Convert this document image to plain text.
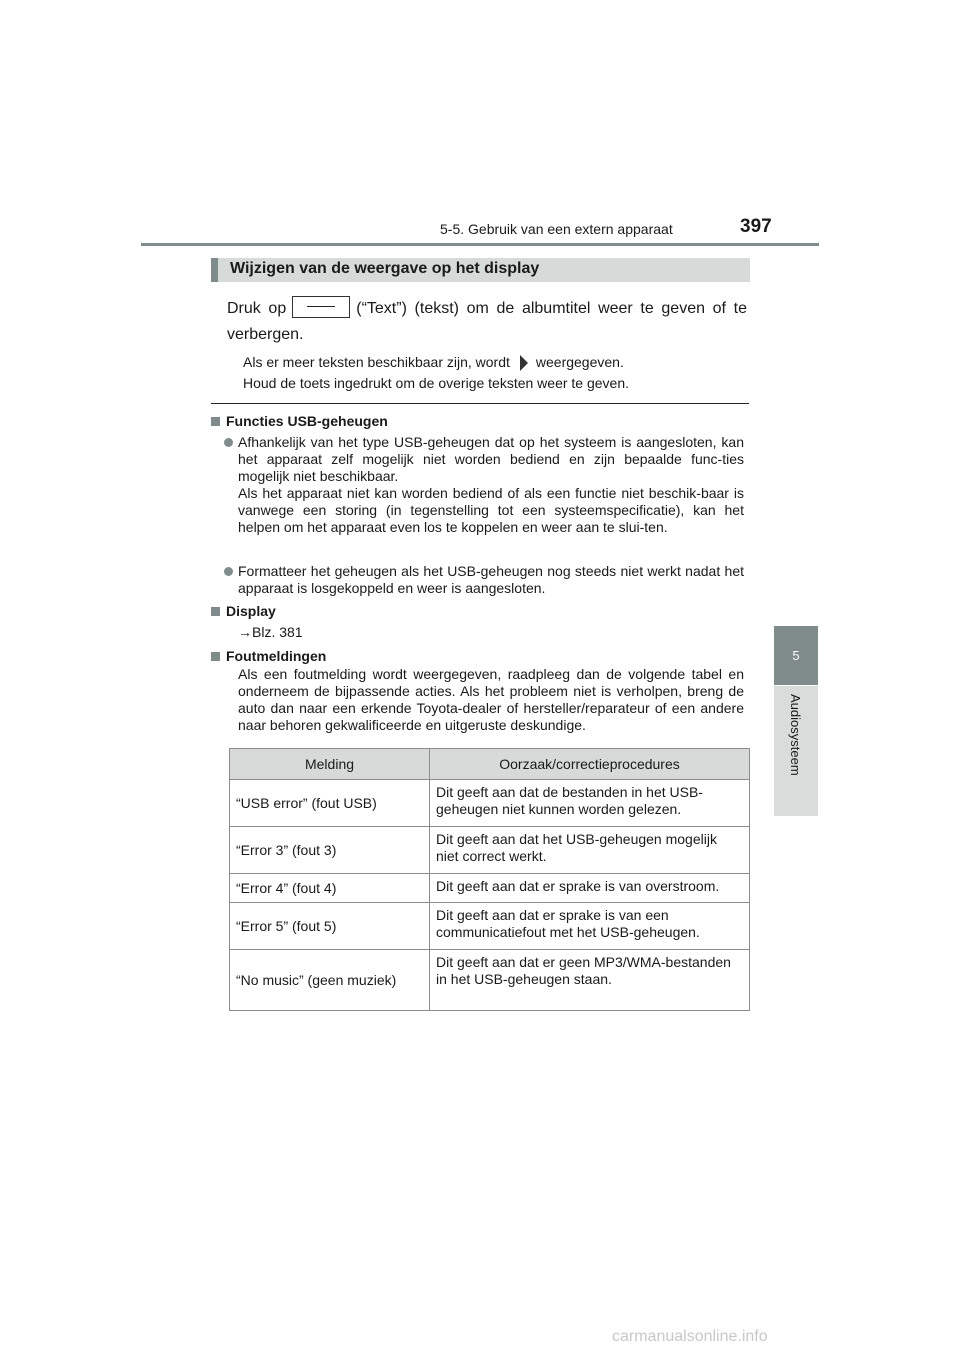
5-5. Gebruik van een extern apparaat	397
5
Audiosysteem
Wijzigen van de weergave op het display
Druk op	(“Text”) (tekst) om de albumtitel weer te geven of te verbergen.
Als er meer teksten beschikbaar zijn, wordt weergegeven.
Houd de toets ingedrukt om de overige teksten weer te geven.
Functies USB-geheugen
Afhankelijk van het type USB-geheugen dat op het systeem is aangesloten, kan het apparaat zelf mogelijk niet worden bediend en zijn bepaalde func-ties mogelijk niet beschikbaar.
Als het apparaat niet kan worden bediend of als een functie niet beschik-baar is vanwege een storing (in tegenstelling tot een systeemspecificatie), kan het helpen om het apparaat even los te koppelen en weer aan te slui-ten.
Formatteer het geheugen als het USB-geheugen nog steeds niet werkt nadat het apparaat is losgekoppeld en weer is aangesloten.
Display
→Blz. 381
Foutmeldingen
Als een foutmelding wordt weergegeven, raadpleeg dan de volgende tabel en onderneem de bijpassende acties. Als het probleem niet is verholpen, breng de auto dan naar een erkende Toyota-dealer of hersteller/reparateur of een andere naar behoren gekwalificeerde en uitgeruste deskundige.
Melding	Oorzaak/correctieprocedures
“USB error” (fout USB)	Dit geeft aan dat de bestanden in het USB-geheugen niet kunnen worden gelezen.
“Error 3” (fout 3)	Dit geeft aan dat het USB-geheugen mogelijk niet correct werkt.
“Error 4” (fout 4)	Dit geeft aan dat er sprake is van overstroom.
“Error 5” (fout 5)	Dit geeft aan dat er sprake is van een communicatiefout met het USB-geheugen.
“No music” (geen muziek)	Dit geeft aan dat er geen MP3/WMA-bestanden in het USB-geheugen staan.
carmanualsonline.info
